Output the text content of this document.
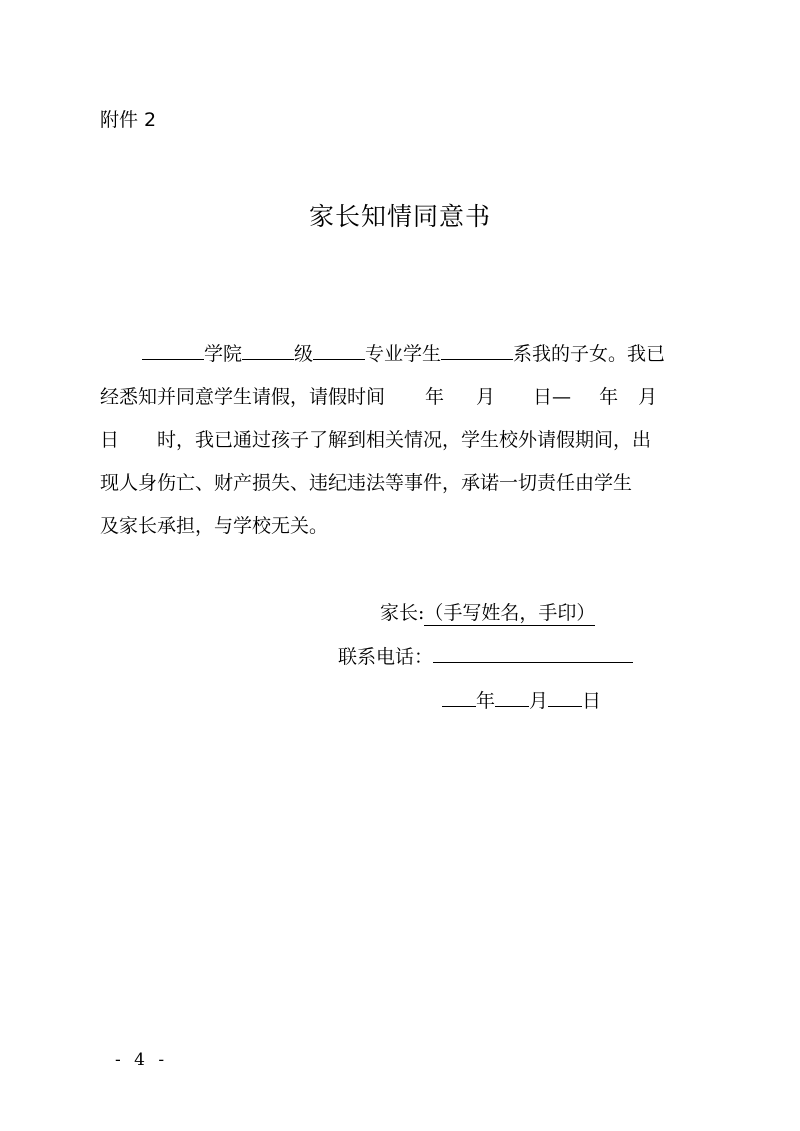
附件 2
家长知情同意书
学院	级	专业学生	系我的子女。我已
经悉知并同意学生请假，请假时间 年 月 日— 年 月
日 时，我已通过孩子了解到相关情况，学生校外请假期间，出
现人身伤亡、财产损失、违纪违法等事件，承诺一切责任由学生
及家长承担，与学校无关。
家长:（手写姓名，手印）
联系电话：
年 月 日
- 4 -
